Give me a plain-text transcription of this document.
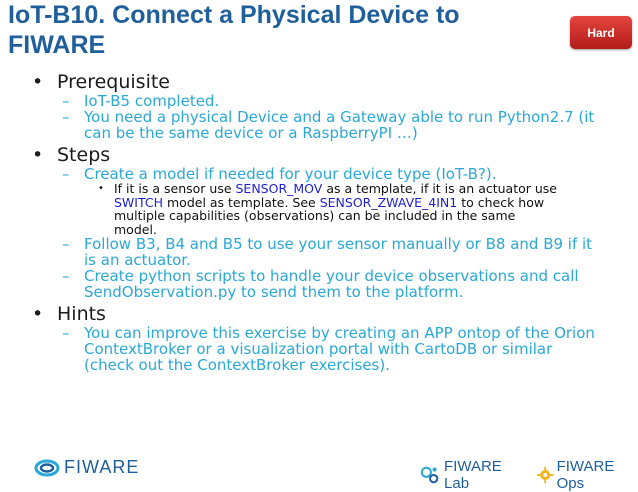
IoT-B10. Connect a Physical Device to FIWARE	Hard
• Prerequisite
– IoT-B5 completed.
– You need a physical Device and a Gateway able to run Python2.7 (it can be the same device or a RaspberryPI …)
• Steps
– Create a model if needed for your device type (IoT-B?).
• If it is a sensor use SENSOR_MOV as a template, if it is an actuator use SWITCH model as template. See SENSOR_ZWAVE_4IN1 to check how multiple capabilities (observations) can be included in the same model.
– Follow B3, B4 and B5 to use your sensor manually or B8 and B9 if it is an actuator.
– Create python scripts to handle your device observations and call SendObservation.py to send them to the platform.
• Hints
– You can improve this exercise by creating an APP ontop of the Orion ContextBroker or a visualization portal with CartoDB or similar (check out the ContextBroker exercises).
FIWARE	FIWARE Lab
FIWARE Ops
